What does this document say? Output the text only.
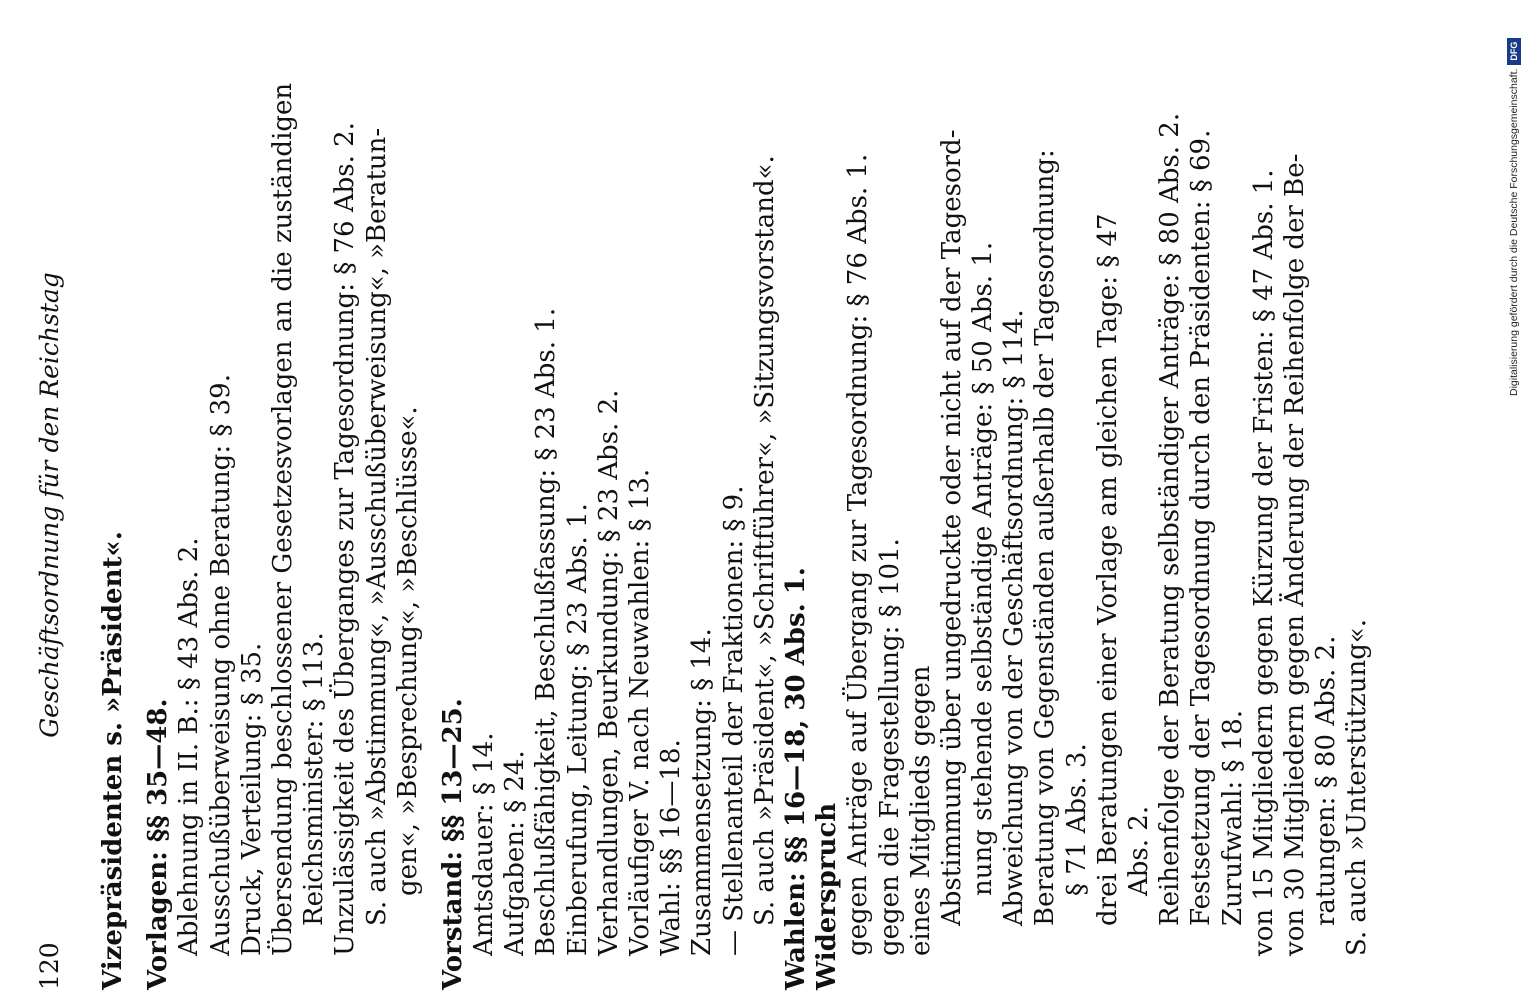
120
Geschäftsordnung für den Reichstag
Vizepräsidenten s. »Präsident«. Vorlagen: §§ 35—48. Ablehnung in II. B.: § 43 Abs. 2. Ausschußüberweisung ohne Beratung: § 39. Druck, Verteilung: § 35. Übersendung beschlossener Gesetzesvorlagen an die zuständigen Reichsminister: § 113. Unzulässigkeit des Überganges zur Tagesordnung: § 76 Abs. 2. S. auch »Abstimmung«, »Ausschußüberweisung«, »Beratun- gen«, »Besprechung«, »Beschlüsse«. Vorstand: §§ 13—25. Amtsdauer: § 14. Aufgaben: § 24. Beschlußfähigkeit, Beschlußfassung: § 23 Abs. 1. Einberufung, Leitung: § 23 Abs. 1. Verhandlungen, Beurkundung: § 23 Abs. 2. Vorläufiger V. nach Neuwahlen: § 13. Wahl: §§ 16—18. Zusammensetzung: § 14. — Stellenanteil der Fraktionen: § 9. S. auch »Präsident«, »Schriftführer«, »Sitzungsvorstand«. Wahlen: §§ 16—18, 30 Abs. 1. Widerspruch gegen Anträge auf Übergang zur Tagesordnung: § 76 Abs. 1. gegen die Fragestellung: § 101. eines Mitglieds gegen Abstimmung über ungedruckte oder nicht auf der Tagesord- nung stehende selbständige Anträge: § 50 Abs. 1. Abweichung von der Geschäftsordnung: § 114. Beratung von Gegenständen außerhalb der Tagesordnung: § 71 Abs. 3. drei Beratungen einer Vorlage am gleichen Tage: § 47 Abs. 2. Reihenfolge der Beratung selbständiger Anträge: § 80 Abs. 2. Festsetzung der Tagesordnung durch den Präsidenten: § 69. Zurufwahl: § 18. von 15 Mitgliedern gegen Kürzung der Fristen: § 47 Abs. 1. von 30 Mitgliedern gegen Änderung der Reihenfolge der Be- ratungen: § 80 Abs. 2. S. auch »Unterstützung«.
Digitalisierung gefördert durch die Deutsche Forschungsgemeinschaft.
DFG
